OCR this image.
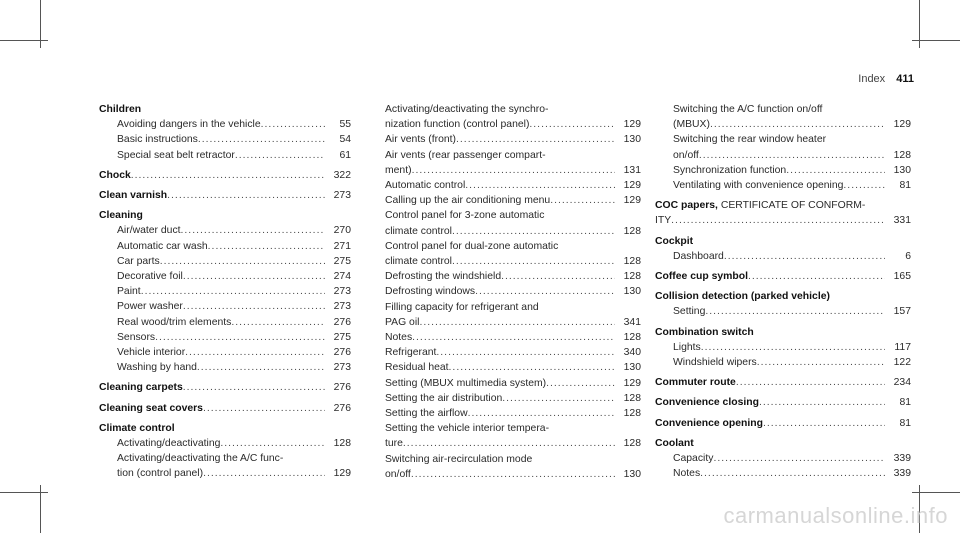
Index 411
Children
Avoiding dangers in the vehicle .....	55
Basic instructions .....	54
Special seat belt retractor .....	61
Chock .....	322
Clean varnish .....	273
Cleaning
Air/water duct .....	270
Automatic car wash .....	271
Car parts .....	275
Decorative foil .....	274
Paint .....	273
Power washer .....	273
Real wood/trim elements .....	276
Sensors .....	275
Vehicle interior .....	276
Washing by hand .....	273
Cleaning carpets .....	276
Cleaning seat covers .....	276
Climate control
Activating/deactivating .....	128
Activating/deactivating the A/C func-
tion (control panel) .....	129
Activating/deactivating the synchro-
nization function (control panel) .....	129
Air vents (front) .....	130
Air vents (rear passenger compart-
ment) .....	131
Automatic control .....	129
Calling up the air conditioning menu .....	129
Control panel for 3-zone automatic
climate control .....	128
Control panel for dual-zone automatic
climate control .....	128
Defrosting the windshield .....	128
Defrosting windows .....	130
Filling capacity for refrigerant and
PAG oil .....	341
Notes .....	128
Refrigerant .....	340
Residual heat .....	130
Setting (MBUX multimedia system) .....	129
Setting the air distribution .....	128
Setting the airflow .....	128
Setting the vehicle interior tempera-
ture .....	128
Switching air-recirculation mode
on/off .....	130
Switching the A/C function on/off
(MBUX) .....	129
Switching the rear window heater
on/off .....	128
Synchronization function .....	130
Ventilating with convenience opening .....	81
COC papers, CERTIFICATE OF CONFORM-
ITY .....	331
Cockpit
Dashboard .....	6
Coffee cup symbol .....	165
Collision detection (parked vehicle)
Setting .....	157
Combination switch
Lights .....	117
Windshield wipers .....	122
Commuter route .....	234
Convenience closing .....	81
Convenience opening .....	81
Coolant
Capacity .....	339
Notes .....	339
carmanualsonline.info
